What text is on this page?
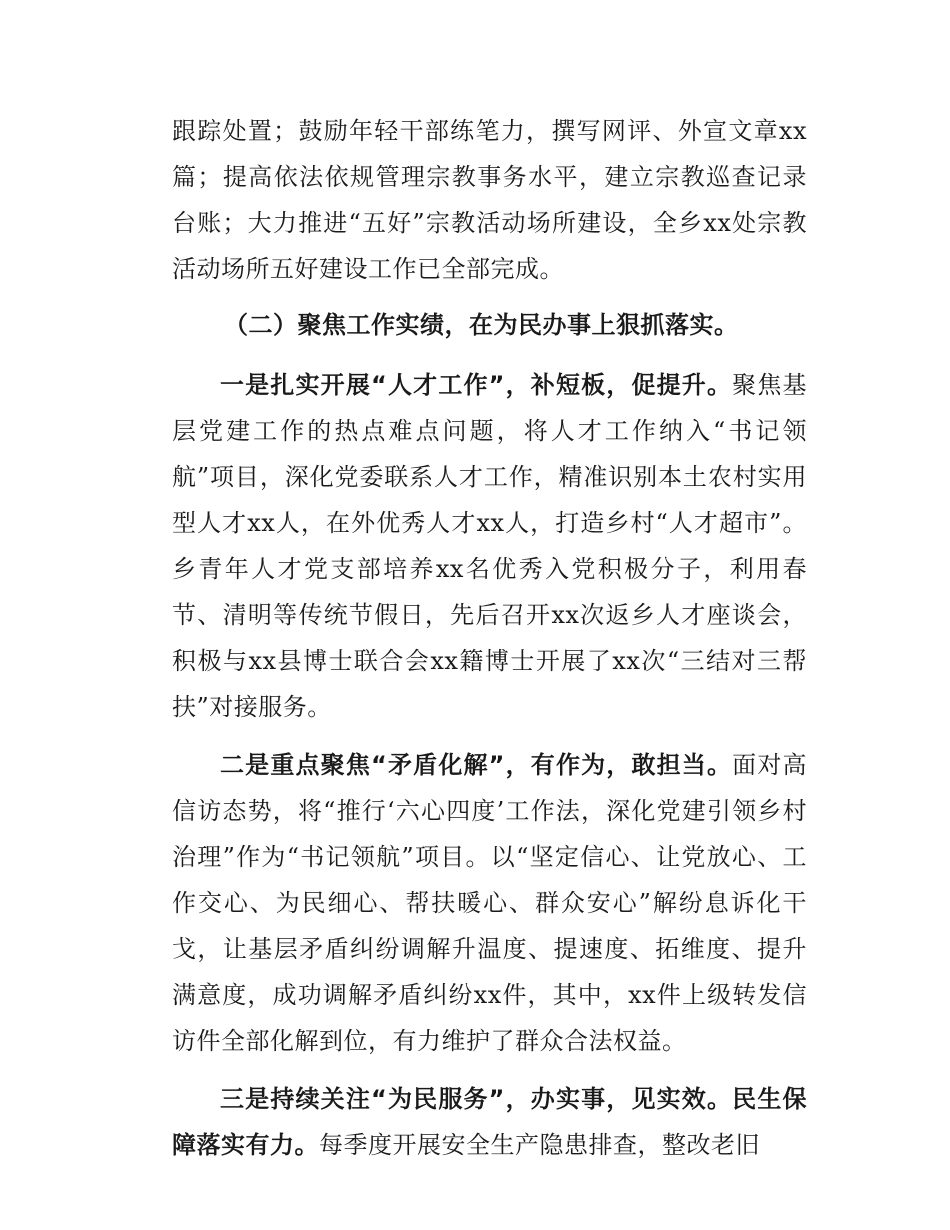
跟踪处置；鼓励年轻干部练笔力，撰写网评、外宣文章xx篇；提高依法依规管理宗教事务水平，建立宗教巡查记录台账；大力推进“五好”宗教活动场所建设，全乡xx处宗教活动场所五好建设工作已全部完成。

（二）聚焦工作实绩，在为民办事上狠抓落实。

一是扎实开展“人才工作”，补短板，促提升。聚焦基层党建工作的热点难点问题，将人才工作纳入“书记领航”项目，深化党委联系人才工作，精准识别本土农村实用型人才xx人，在外优秀人才xx人，打造乡村“人才超市”。乡青年人才党支部培养xx名优秀入党积极分子，利用春节、清明等传统节假日，先后召开xx次返乡人才座谈会，积极与xx县博士联合会xx籍博士开展了xx次“三结对三帮扶”对接服务。

二是重点聚焦“矛盾化解”，有作为，敢担当。面对高信访态势，将“推行‘六心四度’工作法，深化党建引领乡村治理”作为“书记领航”项目。以“坚定信心、让党放心、工作交心、为民细心、帮扶暖心、群众安心”解纷息诉化干戈，让基层矛盾纠纷调解升温度、提速度、拓维度、提升满意度，成功调解矛盾纠纷xx件，其中，xx件上级转发信访件全部化解到位，有力维护了群众合法权益。

三是持续关注“为民服务”，办实事，见实效。民生保障落实有力。每季度开展安全生产隐患排查，整改老旧
